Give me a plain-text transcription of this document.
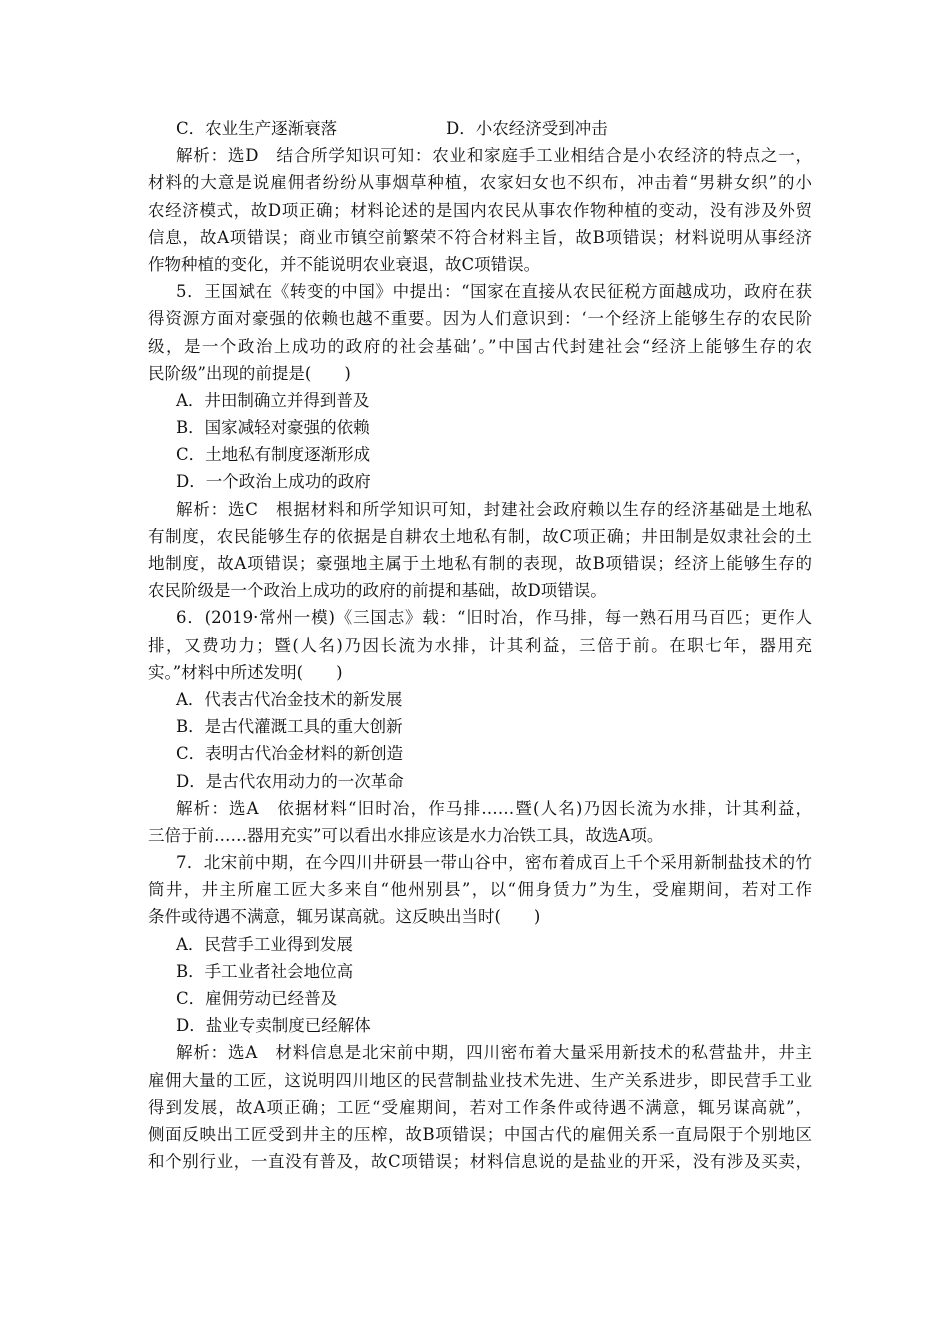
C．农业生产逐渐衰落	D．小农经济受到冲击
解析：选D　结合所学知识可知：农业和家庭手工业相结合是小农经济的特点之一，
材料的大意是说雇佣者纷纷从事烟草种植，农家妇女也不织布，冲击着“男耕女织”的小
农经济模式，故D项正确；材料论述的是国内农民从事农作物种植的变动，没有涉及外贸
信息，故A项错误；商业市镇空前繁荣不符合材料主旨，故B项错误；材料说明从事经济
作物种植的变化，并不能说明农业衰退，故C项错误。
5．王国斌在《转变的中国》中提出：“国家在直接从农民征税方面越成功，政府在获
得资源方面对豪强的依赖也越不重要。因为人们意识到：‘一个经济上能够生存的农民阶
级，是一个政治上成功的政府的社会基础’。”中国古代封建社会“经济上能够生存的农
民阶级”出现的前提是(　　)
A．井田制确立并得到普及
B．国家减轻对豪强的依赖
C．土地私有制度逐渐形成
D．一个政治上成功的政府
解析：选C　根据材料和所学知识可知，封建社会政府赖以生存的经济基础是土地私
有制度，农民能够生存的依据是自耕农土地私有制，故C项正确；井田制是奴隶社会的土
地制度，故A项错误；豪强地主属于土地私有制的表现，故B项错误；经济上能够生存的
农民阶级是一个政治上成功的政府的前提和基础，故D项错误。
6．(2019·常州一模)《三国志》载：“旧时冶，作马排，每一熟石用马百匹；更作人
排，又费功力；暨(人名)乃因长流为水排，计其利益，三倍于前。在职七年，器用充
实。”材料中所述发明(　　)
A．代表古代冶金技术的新发展
B．是古代灌溉工具的重大创新
C．表明古代冶金材料的新创造
D．是古代农用动力的一次革命
解析：选A　依据材料“旧时冶，作马排……暨(人名)乃因长流为水排，计其利益，
三倍于前……器用充实”可以看出水排应该是水力冶铁工具，故选A项。
7．北宋前中期，在今四川井研县一带山谷中，密布着成百上千个采用新制盐技术的竹
筒井，井主所雇工匠大多来自“他州别县”，以“佣身赁力”为生，受雇期间，若对工作
条件或待遇不满意，辄另谋高就。这反映出当时(　　)
A．民营手工业得到发展
B．手工业者社会地位高
C．雇佣劳动已经普及
D．盐业专卖制度已经解体
解析：选A　材料信息是北宋前中期，四川密布着大量采用新技术的私营盐井，井主
雇佣大量的工匠，这说明四川地区的民营制盐业技术先进、生产关系进步，即民营手工业
得到发展，故A项正确；工匠“受雇期间，若对工作条件或待遇不满意，辄另谋高就”，
侧面反映出工匠受到井主的压榨，故B项错误；中国古代的雇佣关系一直局限于个别地区
和个别行业，一直没有普及，故C项错误；材料信息说的是盐业的开采，没有涉及买卖，
